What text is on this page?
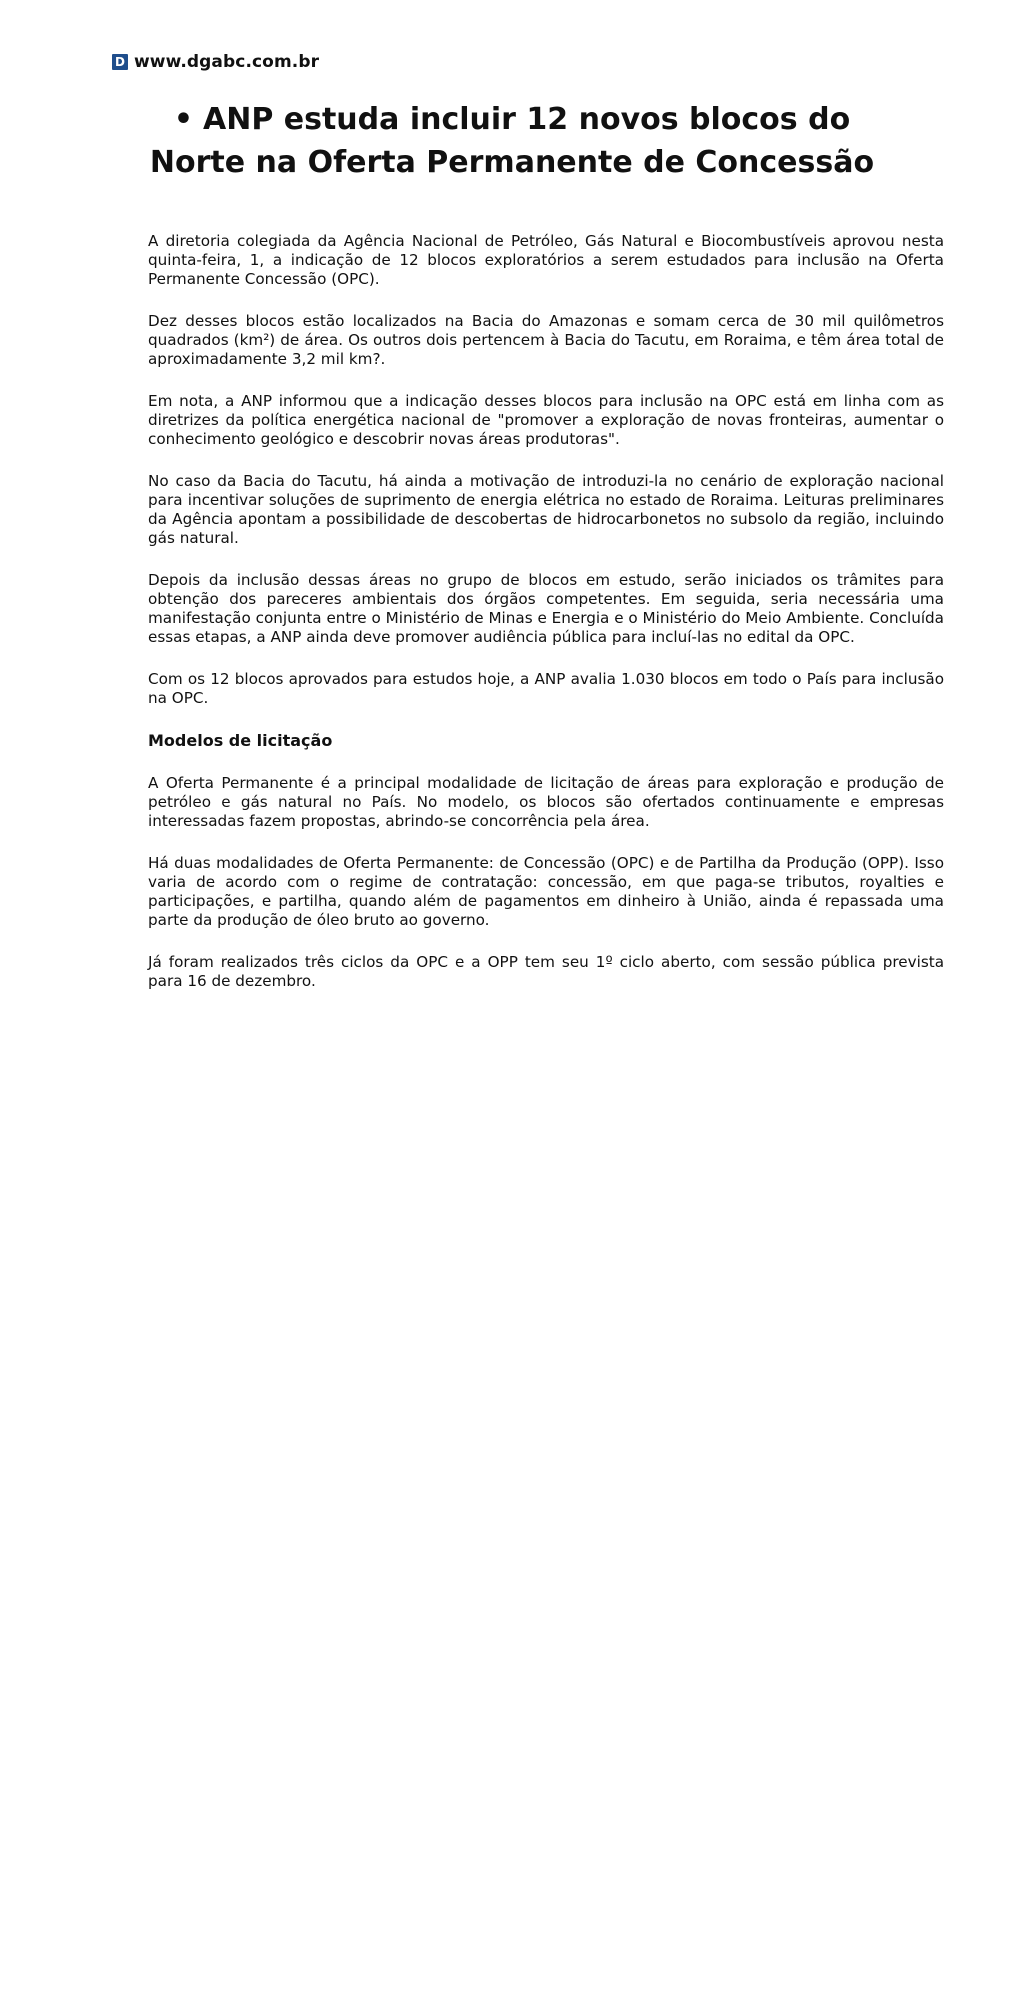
D www.dgabc.com.br
• ANP estuda incluir 12 novos blocos do Norte na Oferta Permanente de Concessão

A diretoria colegiada da Agência Nacional de Petróleo, Gás Natural e Biocombustíveis aprovou nesta quinta-feira, 1, a indicação de 12 blocos exploratórios a serem estudados para inclusão na Oferta Permanente Concessão (OPC).

Dez desses blocos estão localizados na Bacia do Amazonas e somam cerca de 30 mil quilômetros quadrados (km²) de área. Os outros dois pertencem à Bacia do Tacutu, em Roraima, e têm área total de aproximadamente 3,2 mil km?.

Em nota, a ANP informou que a indicação desses blocos para inclusão na OPC está em linha com as diretrizes da política energética nacional de "promover a exploração de novas fronteiras, aumentar o conhecimento geológico e descobrir novas áreas produtoras".

No caso da Bacia do Tacutu, há ainda a motivação de introduzi-la no cenário de exploração nacional para incentivar soluções de suprimento de energia elétrica no estado de Roraima. Leituras preliminares da Agência apontam a possibilidade de descobertas de hidrocarbonetos no subsolo da região, incluindo gás natural.

Depois da inclusão dessas áreas no grupo de blocos em estudo, serão iniciados os trâmites para obtenção dos pareceres ambientais dos órgãos competentes. Em seguida, seria necessária uma manifestação conjunta entre o Ministério de Minas e Energia e o Ministério do Meio Ambiente. Concluída essas etapas, a ANP ainda deve promover audiência pública para incluí-las no edital da OPC.

Com os 12 blocos aprovados para estudos hoje, a ANP avalia 1.030 blocos em todo o País para inclusão na OPC.

Modelos de licitação

A Oferta Permanente é a principal modalidade de licitação de áreas para exploração e produção de petróleo e gás natural no País. No modelo, os blocos são ofertados continuamente e empresas interessadas fazem propostas, abrindo-se concorrência pela área.

Há duas modalidades de Oferta Permanente: de Concessão (OPC) e de Partilha da Produção (OPP). Isso varia de acordo com o regime de contratação: concessão, em que paga-se tributos, royalties e participações, e partilha, quando além de pagamentos em dinheiro à União, ainda é repassada uma parte da produção de óleo bruto ao governo.

Já foram realizados três ciclos da OPC e a OPP tem seu 1º ciclo aberto, com sessão pública prevista para 16 de dezembro.
